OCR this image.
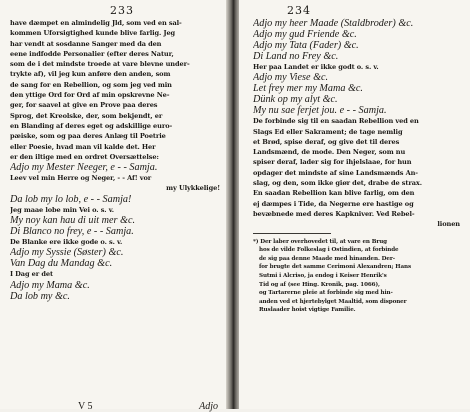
233
have dæmpet en almindelig Jld, som ved en sal-
kommen Uforsigtighed kunde blive farlig. Jeg
har vendt at sosdanne Sanger med da den
eene indfodde Personalier (efter deres Natur,
som de i det mindste troede at vare blevne under-
trykte af), vil jeg kun anføre den anden, som
de sang for en Rebellion, og som jeg ved min
den yttige Ord for Ord af min opskrevne Ne-
ger, for saavel at give en Prove paa deres
Sprog, det Kreolske, der, som bekjendt, er
en Blanding af deres eget og adskillige euro-
pæiske, som og paa deres Anlæg til Poetrie
eller Poesie, hvad man vil kalde det. Her
er den iltige med en ordret Oversættelse:
Adjo my Mester Neeger, e - - Samja.
Leev vel min Herre og Neger, - - Af! vor
my Ulykkelige!
Da lob my lo lob, e - - Samja!
Jeg maae lobe min Vei o. s. v.
My noy kan hau di uit mer &c.
Di Blanco no frey, e - - Samja.
De Blanke ere ikke gode o. s. v.
Adjo my Syssie (Søster) &c.
Van Dag du Mandag &c.
I Dag er det
Adjo my Mama &c.
Da lob my &c.
V 5	Adjo
234
Adjo my heer Maade (Staldbroder) &c.
Adjo my gud Friende &c.
Adjo my Tata (Fader) &c.
Di Land no Frey &c.
Her paa Landet er ikke godt o. s. v.
Adjo my Viese &c.
Let frey mer my Mama &c.
Dünk op my alyt &c.
My nu sae ferjet jou. e - - Samja.
De forbinde sig til en saadan Rebellion ved en
Slags Ed eller Sakrament; de tage nemlig
et Brød, spise deraf, og give det til deres
Landsmænd, de mode. Den Neger, som nu
spiser deraf, lader sig for ihjelslaae, for hun
opdager det mindste af sine Landsmænds An-
slag, og den, som ikke giør det, drabe de strax.
En saadan Rebellion kan blive farlig, om den
ej dæmpes i Tide, da Negerne ere hastige og
bevæbnede med deres Kapkniver. Ved Rebel-
lionen
*) Der laber overhovedet til, at vare en Brug
hos de vilde Folkeslag i Ostindien, at forbinde
de sig paa denne Maade med hinanden. Der-
for brugte det samme Cerimoni Alexandren; Hans
Sutmi i Alcriso, ja endog i Keiser Henrik's
Tid og af (see Hing. Kronik, pag. 1066),
og Tartarerne pleie at forbinde sig med hin-
anden ved et hjertebylget Maaltid, som disponer
Ruslaader hoist vigtige Familie.
